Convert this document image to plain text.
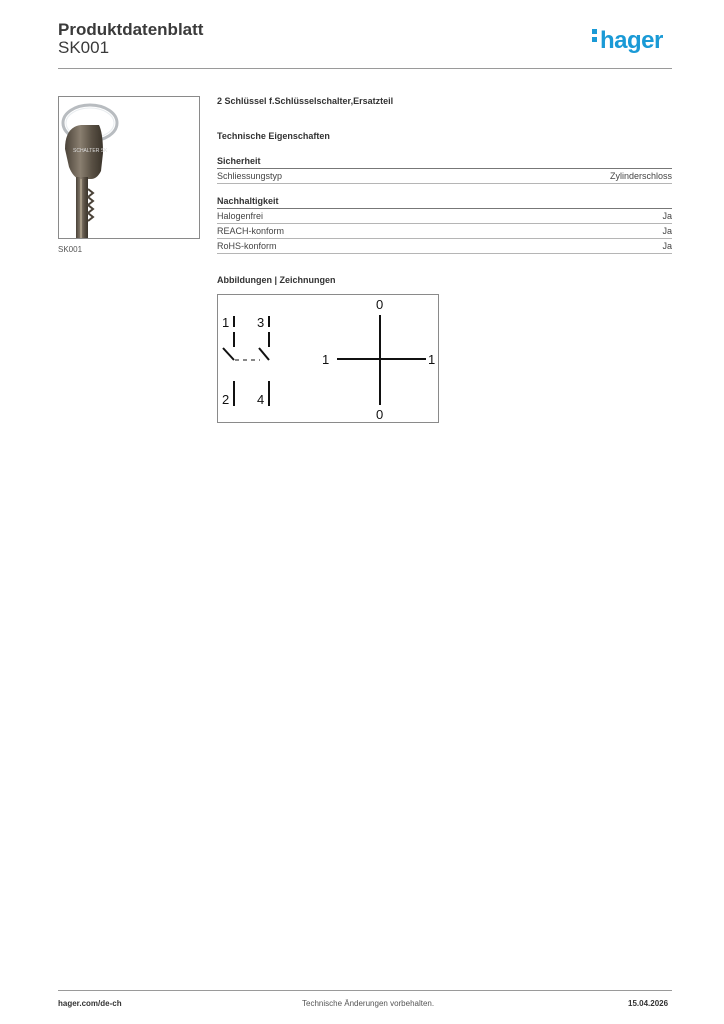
Produktdatenblatt
SK001	hager
SCHALTER SK
SK001
2 Schlüssel f.Schlüsselschalter,Ersatzteil
Technische Eigenschaften
Sicherheit
Schliessungstyp	Zylinderschloss
Nachhaltigkeit
Halogenfrei	Ja
REACH-konform	Ja
RoHS-konform	Ja
Abbildungen | Zeichnungen
1 3
2 4
0
0
1	1
hager.com/de-ch	Technische Änderungen vorbehalten.	15.04.2026
